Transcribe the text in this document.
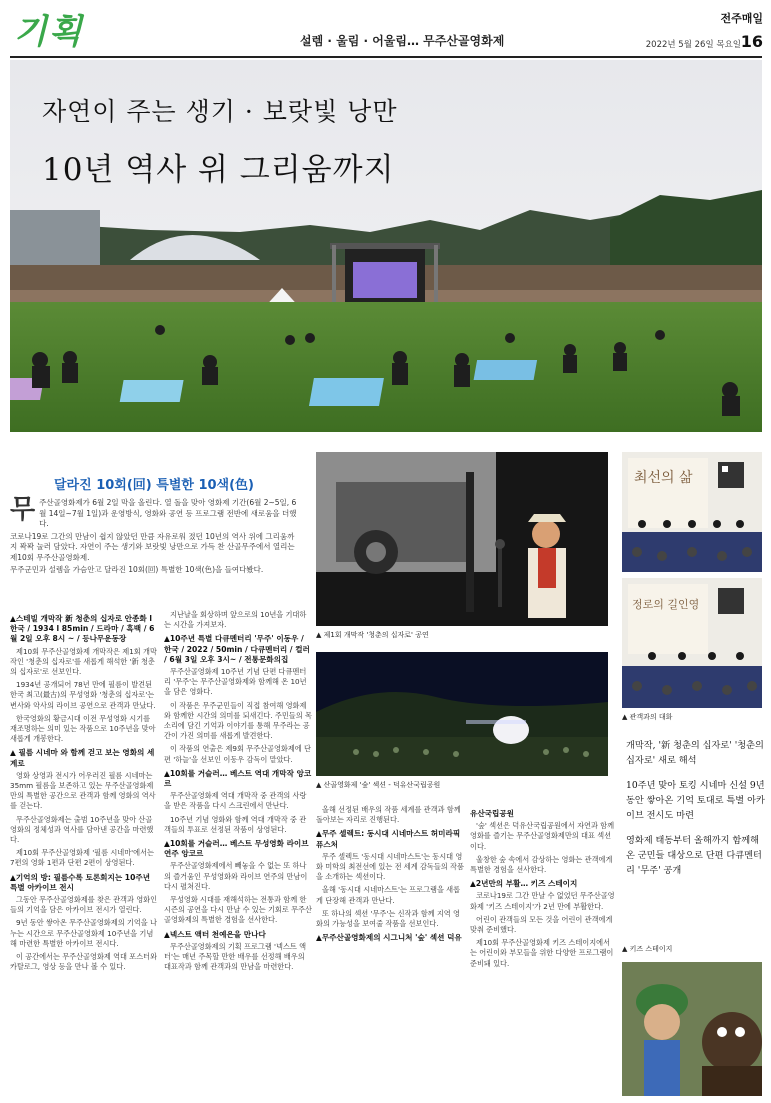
기획	설렘 · 울림 · 어울림… 무주산골영화제
전주매일
2022년 5월 26일 목요일 16
자연이 주는 생기 · 보랏빛 낭만
10년 역사 위 그리움까지
달라진 10회(回) 특별한 10색(色)
무 주산골영화제가 6월 2일 막을 올린다. 열 돌을 맞아 영화제 기간(6월 2~5일, 6월 14일~7월 1일)과 운영방식, 영화와 공연 등 프로그램 전반에 새로움을 더했다.
코로나19로 그간의 만남이 쉽지 않았던 만큼 자유로워 졌던 10년의 역사 위에 그리움까지 꽉꽉 눌러 담았다. 자연이 주는 생기와 보랏빛 낭만으로 가득 찬 산골무주에서 열리는 제10회 무주산골영화제.
무주군민과 설렘을 가슴안고 달라진 10회(回) 특별한 10색(色)을 들여다봤다.
▲스테빌 개막작 新 청춘의 십자로 안종화 l 한국 / 1934 l 85min / 드라마 / 흑백 / 6월 2일 오후 8시 ~ / 등나무운동장

제10회 무주산골영화제 개막작은 제1회 개막작인 '청춘의 십자로'를 새롭게 해석한 '新 청춘의 십자로'로 선보인다.

1934년 공개되어 78년 만에 필름이 발견된 한국 최고(最古)의 무성영화 '청춘의 십자로'는 변사와 악사의 라이브 공연으로 관객과 만났다.

한국영화의 황금시대 이전 무성영화 시기를 재조명하는 의미 있는 작품으로 10주년을 맞아 새롭게 개봉한다.

▲ 필름 시네마 와 함께 걷고 보는 영화의 세계로

영화 상영과 전시가 어우러진 필름 시네마는 35mm 필름을 보존하고 있는 무주산골영화제만의 특별한 공간으로 관객과 함께 영화의 역사를 걷는다.

무주산골영화제는 출범 10주년을 맞아 산골영화의 정체성과 역사를 담아낸 공간을 마련했다.

제10회 무주산골영화제 '필름 시네마'에서는 7편의 영화 1편과 단편 2편이 상영된다.

▲기억의 방: 필름수록 토론회지는 10주년 특별 아카이브 전시

그동안 무주산골영화제를 찾은 관객과 영화인들의 기억을 담은 아카이브 전시가 열린다.

9년 동안 쌓아온 무주산골영화제의 기억을 나누는 시간으로 무주산골영화제 10주년을 기념해 마련한 특별한 아카이브 전시다.

이 공간에서는 무주산골영화제 역대 포스터와 카탈로그, 영상 등을 만나 볼 수 있다.

지난날을 회상하며 앞으로의 10년을 기대하는 시간을 가져보자.

▲10주년 특별 다큐멘터리 '무주' 이동우 / 한국 / 2022 / 50min / 다큐멘터리 / 컬러 / 6월 3일 오후 3시~ / 전통문화의집

무주산골영화제 10주년 기념 단편 다큐멘터리 '무주'는 무주산골영화제와 함께해 온 10년을 담은 영화다.

이 작품은 무주군민들이 직접 참여해 영화제와 함께한 시간의 의미를 되새긴다. 주민들의 목소리에 담긴 기억과 이야기를 통해 무주라는 공간이 가진 의미를 새롭게 발견한다.

이 작품의 연출은 제9회 무주산골영화제에 단편 '하늘'을 선보인 이동우 감독이 맡았다.

▲10회를 거슬러… 베스트 역대 개막작 앙코르

무주산골영화제 역대 개막작 중 관객의 사랑을 받은 작품을 다시 스크린에서 만난다.

10주년 기념 영화와 함께 역대 개막작 중 관객들의 투표로 선정된 작품이 상영된다.

▲10회를 거슬러… 베스트 무성영화 라이브 연주 앙코르

무주산골영화제에서 빼놓을 수 없는 또 하나의 즐거움인 무성영화와 라이브 연주의 만남이 다시 펼쳐진다.

무성영화 시대를 재해석하는 전통과 함께 한 시즌의 공연을 다시 만날 수 있는 기회로 무주산골영화제의 특별한 경험을 선사한다.

▲넥스트 액터 천예은을 만나다

무주산골영화제의 기획 프로그램 '넥스트 액터'는 매년 주목할 만한 배우를 선정해 배우의 대표작과 함께 관객과의 만남을 마련한다.

올해 선정된 배우의 작품 세계를 관객과 함께 돌아보는 자리로 진행된다.

▲무주 셀렉트: 동시대 시네마스트 허미라픽 퓨스처

무주 셀렉트 '동시대 시네마스트'는 동시대 영화 미학의 최전선에 있는 전 세계 감독들의 작품을 소개하는 섹션이다.

올해 '동시대 시네마스트'는 프로그램을 새롭게 단장해 관객과 만난다.

또 하나의 섹션 '무주'는 신작과 함께 지역 영화의 가능성을 보여줄 작품을 선보인다.

▲무주산골영화제의 시그니처 '숲' 섹션 덕유
유산국립공원

'숲' 섹션은 덕유산국립공원에서 자연과 함께 영화를 즐기는 무주산골영화제만의 대표 섹션이다.

울창한 숲 속에서 감상하는 영화는 관객에게 특별한 경험을 선사한다.

▲2년만의 부활… 키즈 스테이지

코로나19로 그간 만날 수 없었던 무주산골영화제 '키즈 스테이지'가 2년 만에 부활한다.

어린이 관객들의 모든 것을 어린이 관객에게 맞춰 준비했다.

제10회 무주산골영화제 키즈 스테이지에서는 어린이와 부모들을 위한 다양한 프로그램이 준비돼 있다.

▲ 제1회 개막작 '청춘의 십자로' 공연
▲ 산골영화제 '숲' 섹션 - 덕유산국립공원
최선의 삶
정로의 길인영
▲ 관객과의 대화
개막작, '新 청춘의 십자로' '청춘의 십자로' 새로 해석
10주년 맞아 토킹 시네마 신설 9년동안 쌓아온 기억 토대로 특별 아카이브 전시도 마련
영화제 태동부터 올해까지 함께해온 군민들 대상으로 단편 다큐멘터리 '무주' 공개
▲ 키즈 스테이지
